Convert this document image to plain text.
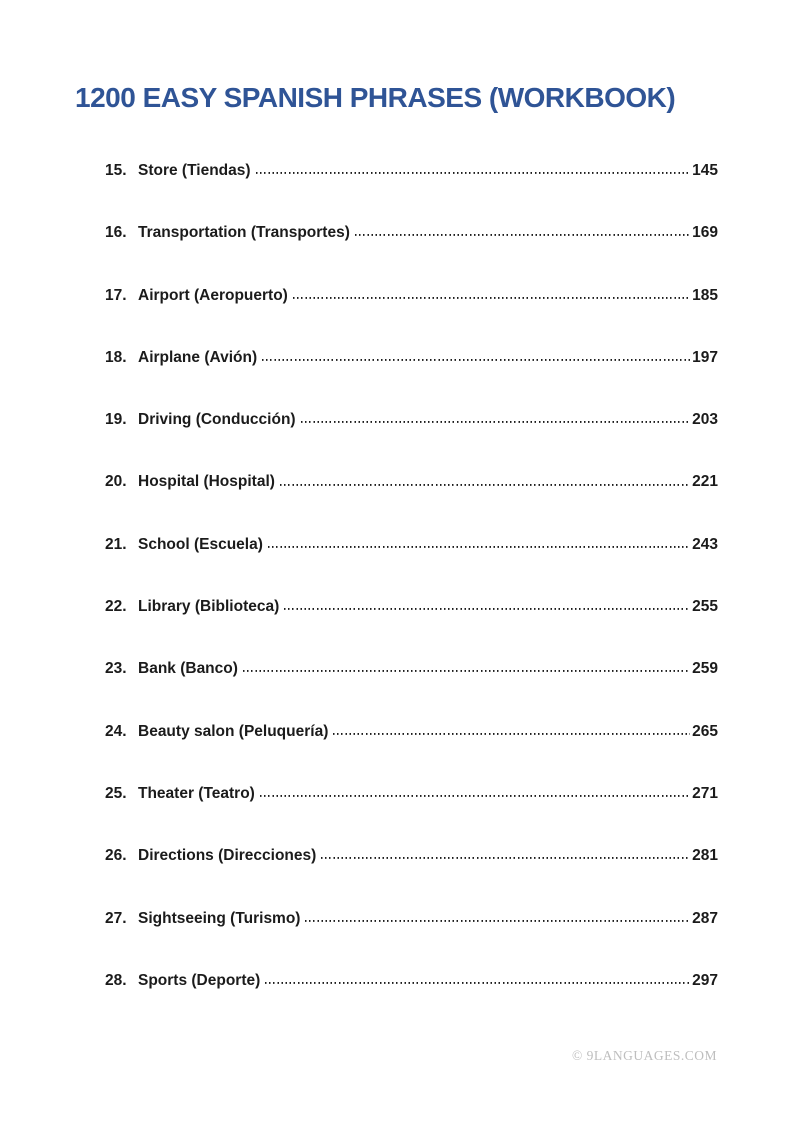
1200 EASY SPANISH PHRASES (WORKBOOK)
15. Store (Tiendas)	145
16. Transportation (Transportes)	169
17. Airport (Aeropuerto)	185
18. Airplane (Avión)	197
19. Driving (Conducción)	203
20. Hospital (Hospital)	221
21. School (Escuela)	243
22. Library (Biblioteca)	255
23. Bank (Banco)	259
24. Beauty salon (Peluquería)	265
25. Theater (Teatro)	271
26. Directions (Direcciones)	281
27. Sightseeing (Turismo)	287
28. Sports (Deporte)	297
© 9LANGUAGES.COM
